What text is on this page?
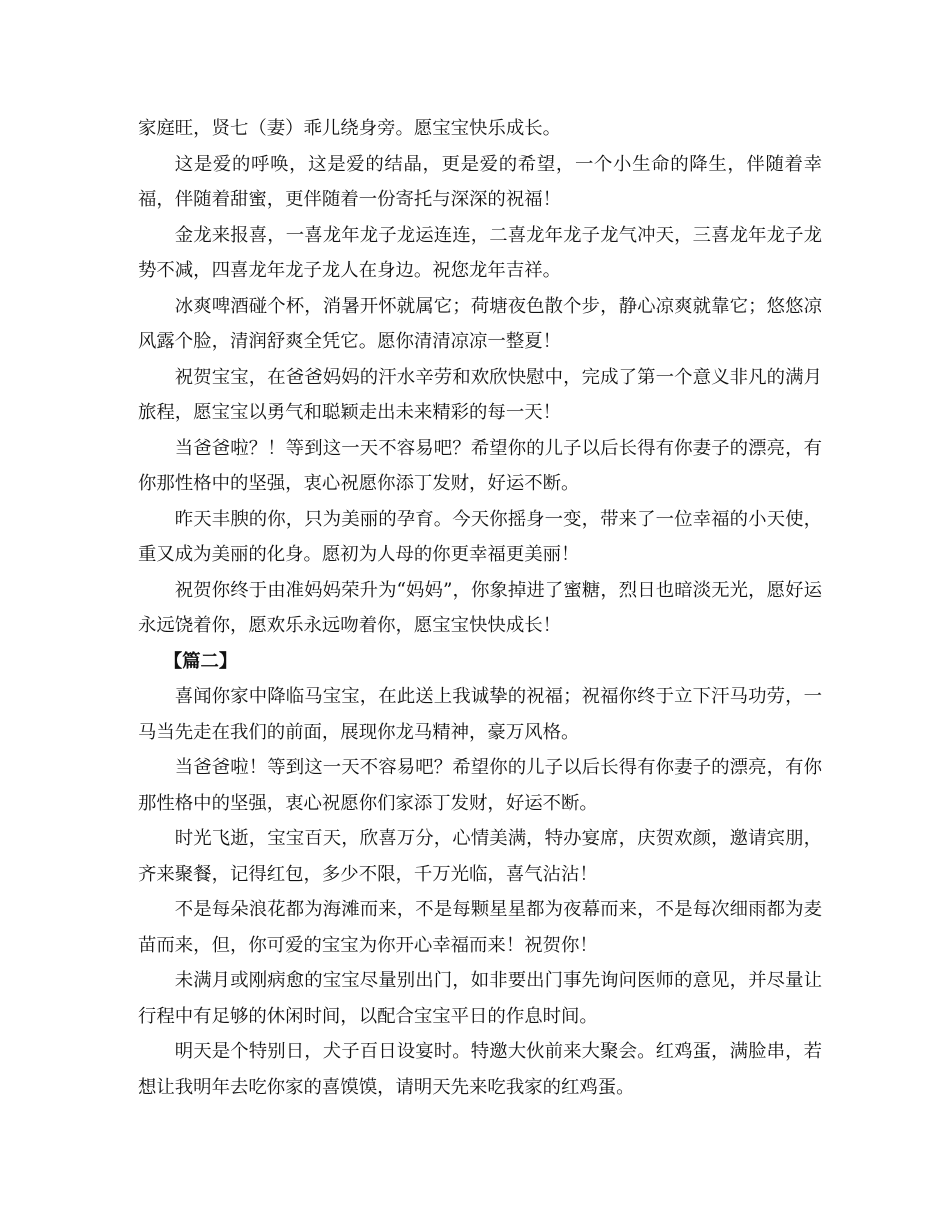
家庭旺，贤七（妻）乖儿绕身旁。愿宝宝快乐成长。

这是爱的呼唤，这是爱的结晶，更是爱的希望，一个小生命的降生，伴随着幸福，伴随着甜蜜，更伴随着一份寄托与深深的祝福！

金龙来报喜，一喜龙年龙子龙运连连，二喜龙年龙子龙气冲天，三喜龙年龙子龙势不减，四喜龙年龙子龙人在身边。祝您龙年吉祥。

冰爽啤酒碰个杯，消暑开怀就属它；荷塘夜色散个步，静心凉爽就靠它；悠悠凉风露个脸，清润舒爽全凭它。愿你清清凉凉一整夏！

祝贺宝宝，在爸爸妈妈的汗水辛劳和欢欣快慰中，完成了第一个意义非凡的满月旅程，愿宝宝以勇气和聪颖走出未来精彩的每一天！

当爸爸啦？！等到这一天不容易吧？希望你的儿子以后长得有你妻子的漂亮，有你那性格中的坚强，衷心祝愿你添丁发财，好运不断。

昨天丰腴的你，只为美丽的孕育。今天你摇身一变，带来了一位幸福的小天使，重又成为美丽的化身。愿初为人母的你更幸福更美丽！

祝贺你终于由准妈妈荣升为“妈妈”，你象掉进了蜜糖，烈日也暗淡无光，愿好运永远饶着你，愿欢乐永远吻着你，愿宝宝快快成长！

【篇二】

喜闻你家中降临马宝宝，在此送上我诚挚的祝福；祝福你终于立下汗马功劳，一马当先走在我们的前面，展现你龙马精神，豪万风格。

当爸爸啦！等到这一天不容易吧？希望你的儿子以后长得有你妻子的漂亮，有你那性格中的坚强，衷心祝愿你们家添丁发财，好运不断。

时光飞逝，宝宝百天，欣喜万分，心情美满，特办宴席，庆贺欢颜，邀请宾朋，齐来聚餐，记得红包，多少不限，千万光临，喜气沾沾！

不是每朵浪花都为海滩而来，不是每颗星星都为夜幕而来，不是每次细雨都为麦苗而来，但，你可爱的宝宝为你开心幸福而来！祝贺你！

未满月或刚病愈的宝宝尽量别出门，如非要出门事先询问医师的意见，并尽量让行程中有足够的休闲时间，以配合宝宝平日的作息时间。

明天是个特别日，犬子百日设宴时。特邀大伙前来大聚会。红鸡蛋，满脸串，若想让我明年去吃你家的喜馍馍，请明天先来吃我家的红鸡蛋。
